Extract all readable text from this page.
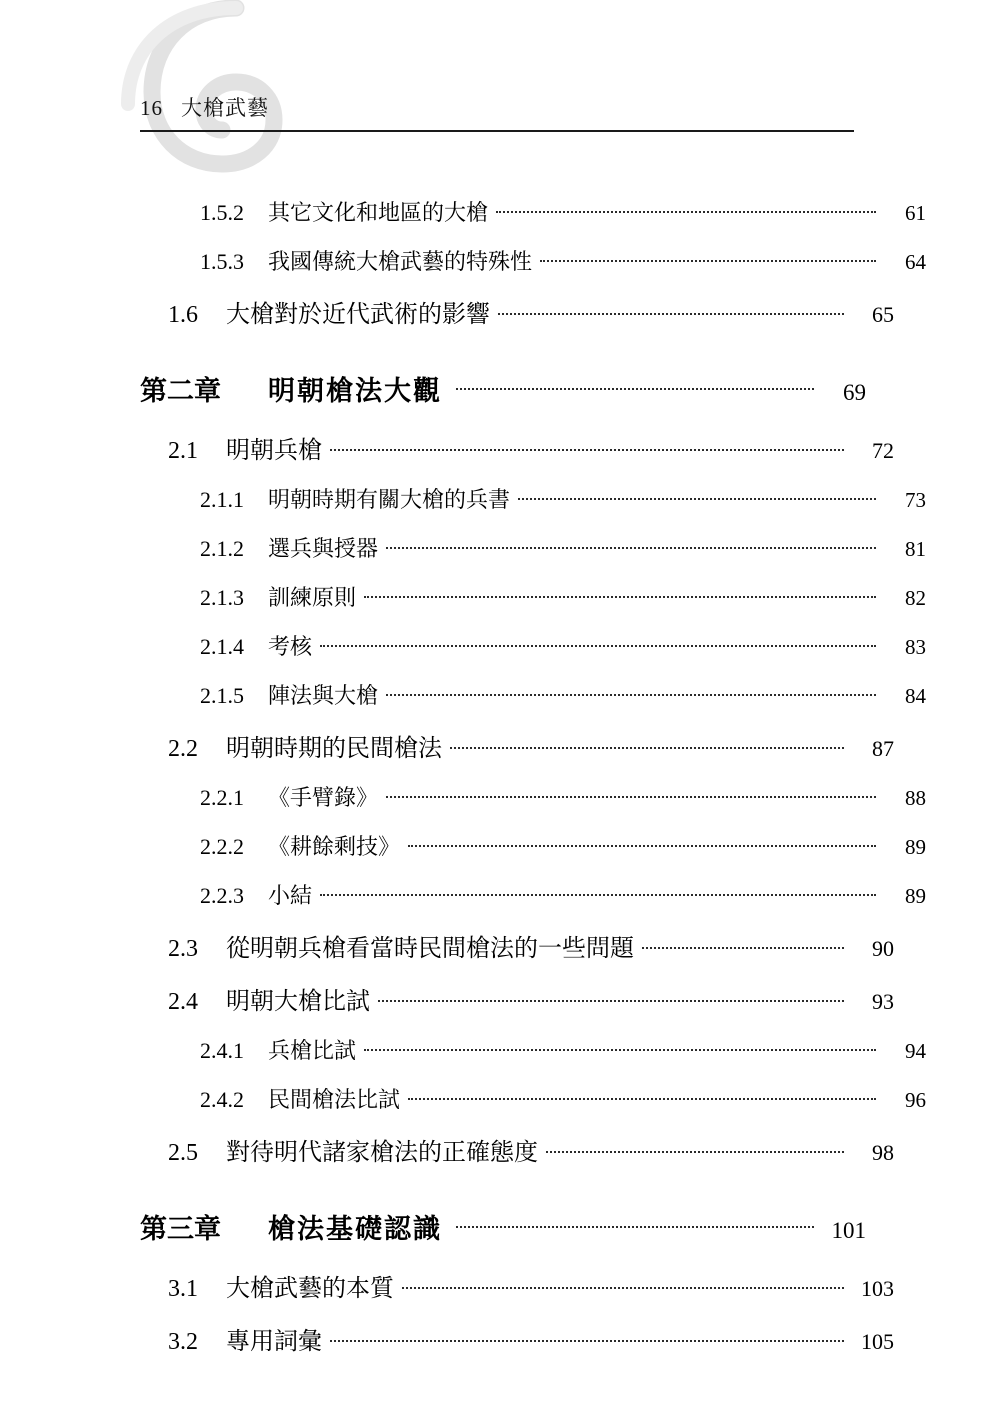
16 大槍武藝
1.5.2	其它文化和地區的大槍	61
1.5.3	我國傳統大槍武藝的特殊性	64
1.6	大槍對於近代武術的影響	65
第二章	明朝槍法大觀	69
2.1	明朝兵槍	72
2.1.1	明朝時期有關大槍的兵書	73
2.1.2	選兵與授器	81
2.1.3	訓練原則	82
2.1.4	考核	83
2.1.5	陣法與大槍	84
2.2	明朝時期的民間槍法	87
2.2.1	《手臂錄》	88
2.2.2	《耕餘剩技》	89
2.2.3	小結	89
2.3	從明朝兵槍看當時民間槍法的一些問題	90
2.4	明朝大槍比試	93
2.4.1	兵槍比試	94
2.4.2	民間槍法比試	96
2.5	對待明代諸家槍法的正確態度	98
第三章	槍法基礎認識	101
3.1	大槍武藝的本質	103
3.2	專用詞彙	105
